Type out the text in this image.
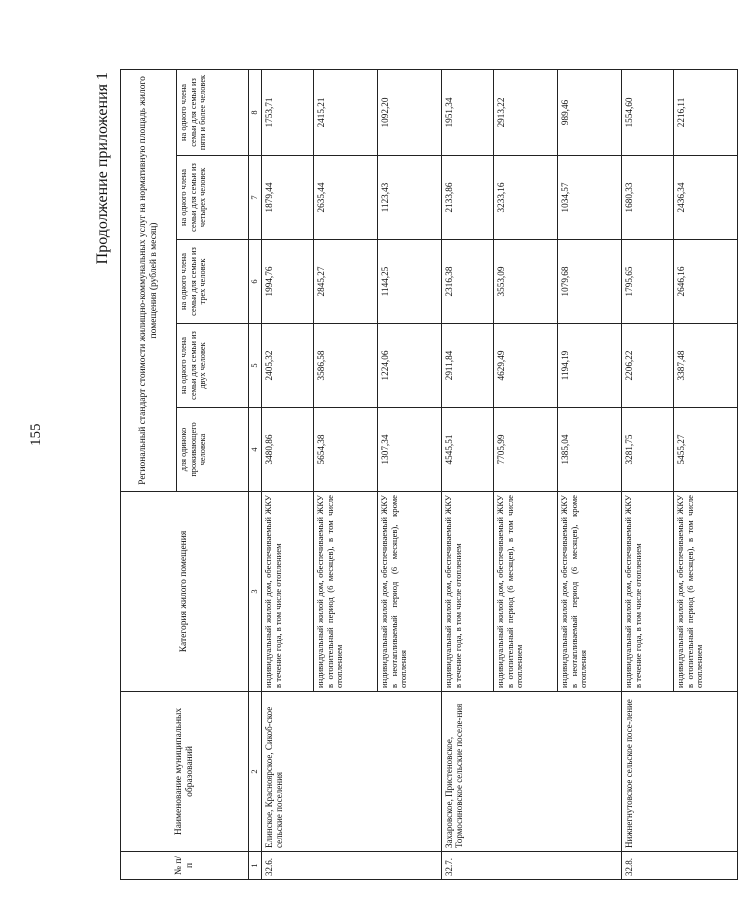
155
Продолжение приложения 1
№ п/п	Наименование муниципальных образований	Категория жилого помещения	Региональный стандарт стоимости жилищно-коммунальных услуг на нормативную площадь жилого помещения (рублей в месяц)				
			для одиноко проживающего человека	на одного члена семьи для семьи из двух человек	на одного члена семьи для семьи из трех человек	на одного члена семьи для семьи из четырех человек	на одного члена семьи для семьи из пяти и более человек
1	2	3	4	5	6	7	8
32.6.	Елинское, Красноярское, Сикоб-ское сельские поселения	индивидуальный жилой дом, обеспечиваемый ЖКУ в течение года, в том числе отоплением	3480,86	2405,32	1994,76	1879,44	1753,71
		индивидуальный жилой дом, обеспечиваемый ЖКУ в отопительный период (6 месяцев), в том числе отоплением	5654,38	3586,58	2845,27	2635,44	2415,21
		индивидуальный жилой дом, обеспечиваемый ЖКУ в неотапливаемый период (6 месяцев), кроме отопления	1307,34	1224,06	1144,25	1123,43	1092,20
32.7.	Захаровское, Пристеновское, Тормосиновское сельские поселе-ния	индивидуальный жилой дом, обеспечиваемый ЖКУ в течение года, в том числе отоплением	4545,51	2911,84	2316,38	2133,86	1951,34
		индивидуальный жилой дом, обеспечиваемый ЖКУ в отопительный период (6 месяцев), в том числе отоплением	7705,99	4629,49	3553,09	3233,16	2913,22
		индивидуальный жилой дом, обеспечиваемый ЖКУ в неотапливаемый период (6 месяцев), кроме отопления	1385,04	1194,19	1079,68	1034,57	989,46
32.8.	Нижнегнутовское сельское посе-ление	индивидуальный жилой дом, обеспечиваемый ЖКУ в течение года, в том числе отоплением	3281,75	2206,22	1795,65	1680,33	1554,60
		индивидуальный жилой дом, обеспечиваемый ЖКУ в отопительный период (6 месяцев), в том числе отоплением	5455,27	3387,48	2646,16	2436,34	2216,11
